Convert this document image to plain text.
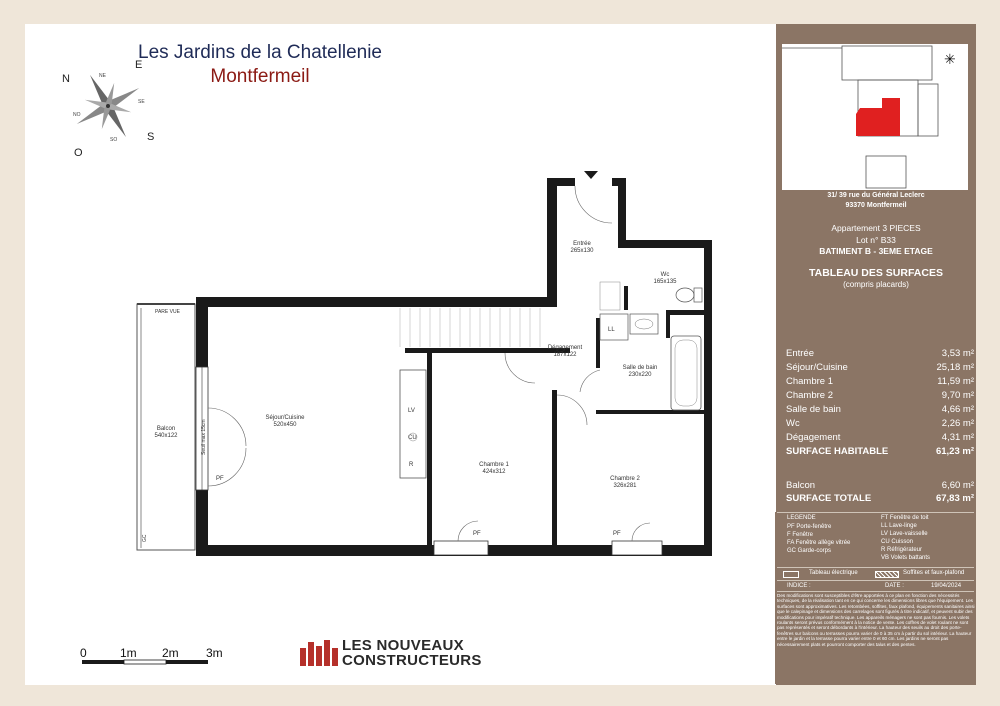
Les Jardins de la Chatellenie
Montfermeil
N
E
S
O
NE
SE
SO
NO
PARE VUE
Balcon
540x122
GC
Seuil max 15cm
PF
PF	PF
LV
CU
R
LL
Entrée
265x130
Wc
165x135
Dégagement
187x122
Salle de bain
230x220
Séjour/Cuisine
520x450
Chambre 1
424x312
Chambre 2
326x281
0	1m 2m 3m	LES NOUVEAUX
CONSTRUCTEURS
✳
31/ 39 rue du Général Leclerc
93370 Montfermeil
Appartement 3 PIECES
Lot n° B33
BATIMENT B - 3EME ETAGE
TABLEAU DES SURFACES
(compris placards)
Entrée	3,53 m²
Séjour/Cuisine	25,18 m²
Chambre 1	11,59 m²
Chambre 2	9,70 m²
Salle de bain	4,66 m²
Wc	2,26 m²
Dégagement	4,31 m²
SURFACE HABITABLE	61,23 m²
Balcon	6,60 m²
SURFACE TOTALE	67,83 m²
LEGENDE
PF Porte-fenêtre
F Fenêtre
FA Fenêtre allège vitrée
GC Garde-corps
FT Fenêtre de toit
LL Lave-linge
LV Lave-vaisselle
CU Cuisson
R Réfrigérateur
VB Volets battants
Tableau électrique	Soffites et faux-plafond
INDICE :	DATE :	19/04/2024
Des modifications sont susceptibles d'être apportées à ce plan en fonction des nécessités techniques, de la réalisation tant en ce qui concerne les dimensions libres que l'équipement. Les surfaces sont approximatives. Les retombées, soffites, faux plafond, équipements sanitaires ainsi que le calepinage et dimensions des carrelages sont figurés à titre indicatif, et peuvent subir des modifications pour impératif technique. Les appareils ménagers ne sont pas fournis. Les volets roulants seront prévus conformément à la notice de vente. Les coffres de volet roulant ne sont pas représentés et seront débordants à l'intérieur. La hauteur des seuils au droit des porte-fenêtres sur balcons ou terrasses pourra varier de 0 à 35 cm à partir du sol intérieur. La hauteur entre le jardin et la terrasse pourra varier entre 0 et 60 cm. Les jardins ne seront pas nécessairement plats et pourront comporter des talus et des pentes.
